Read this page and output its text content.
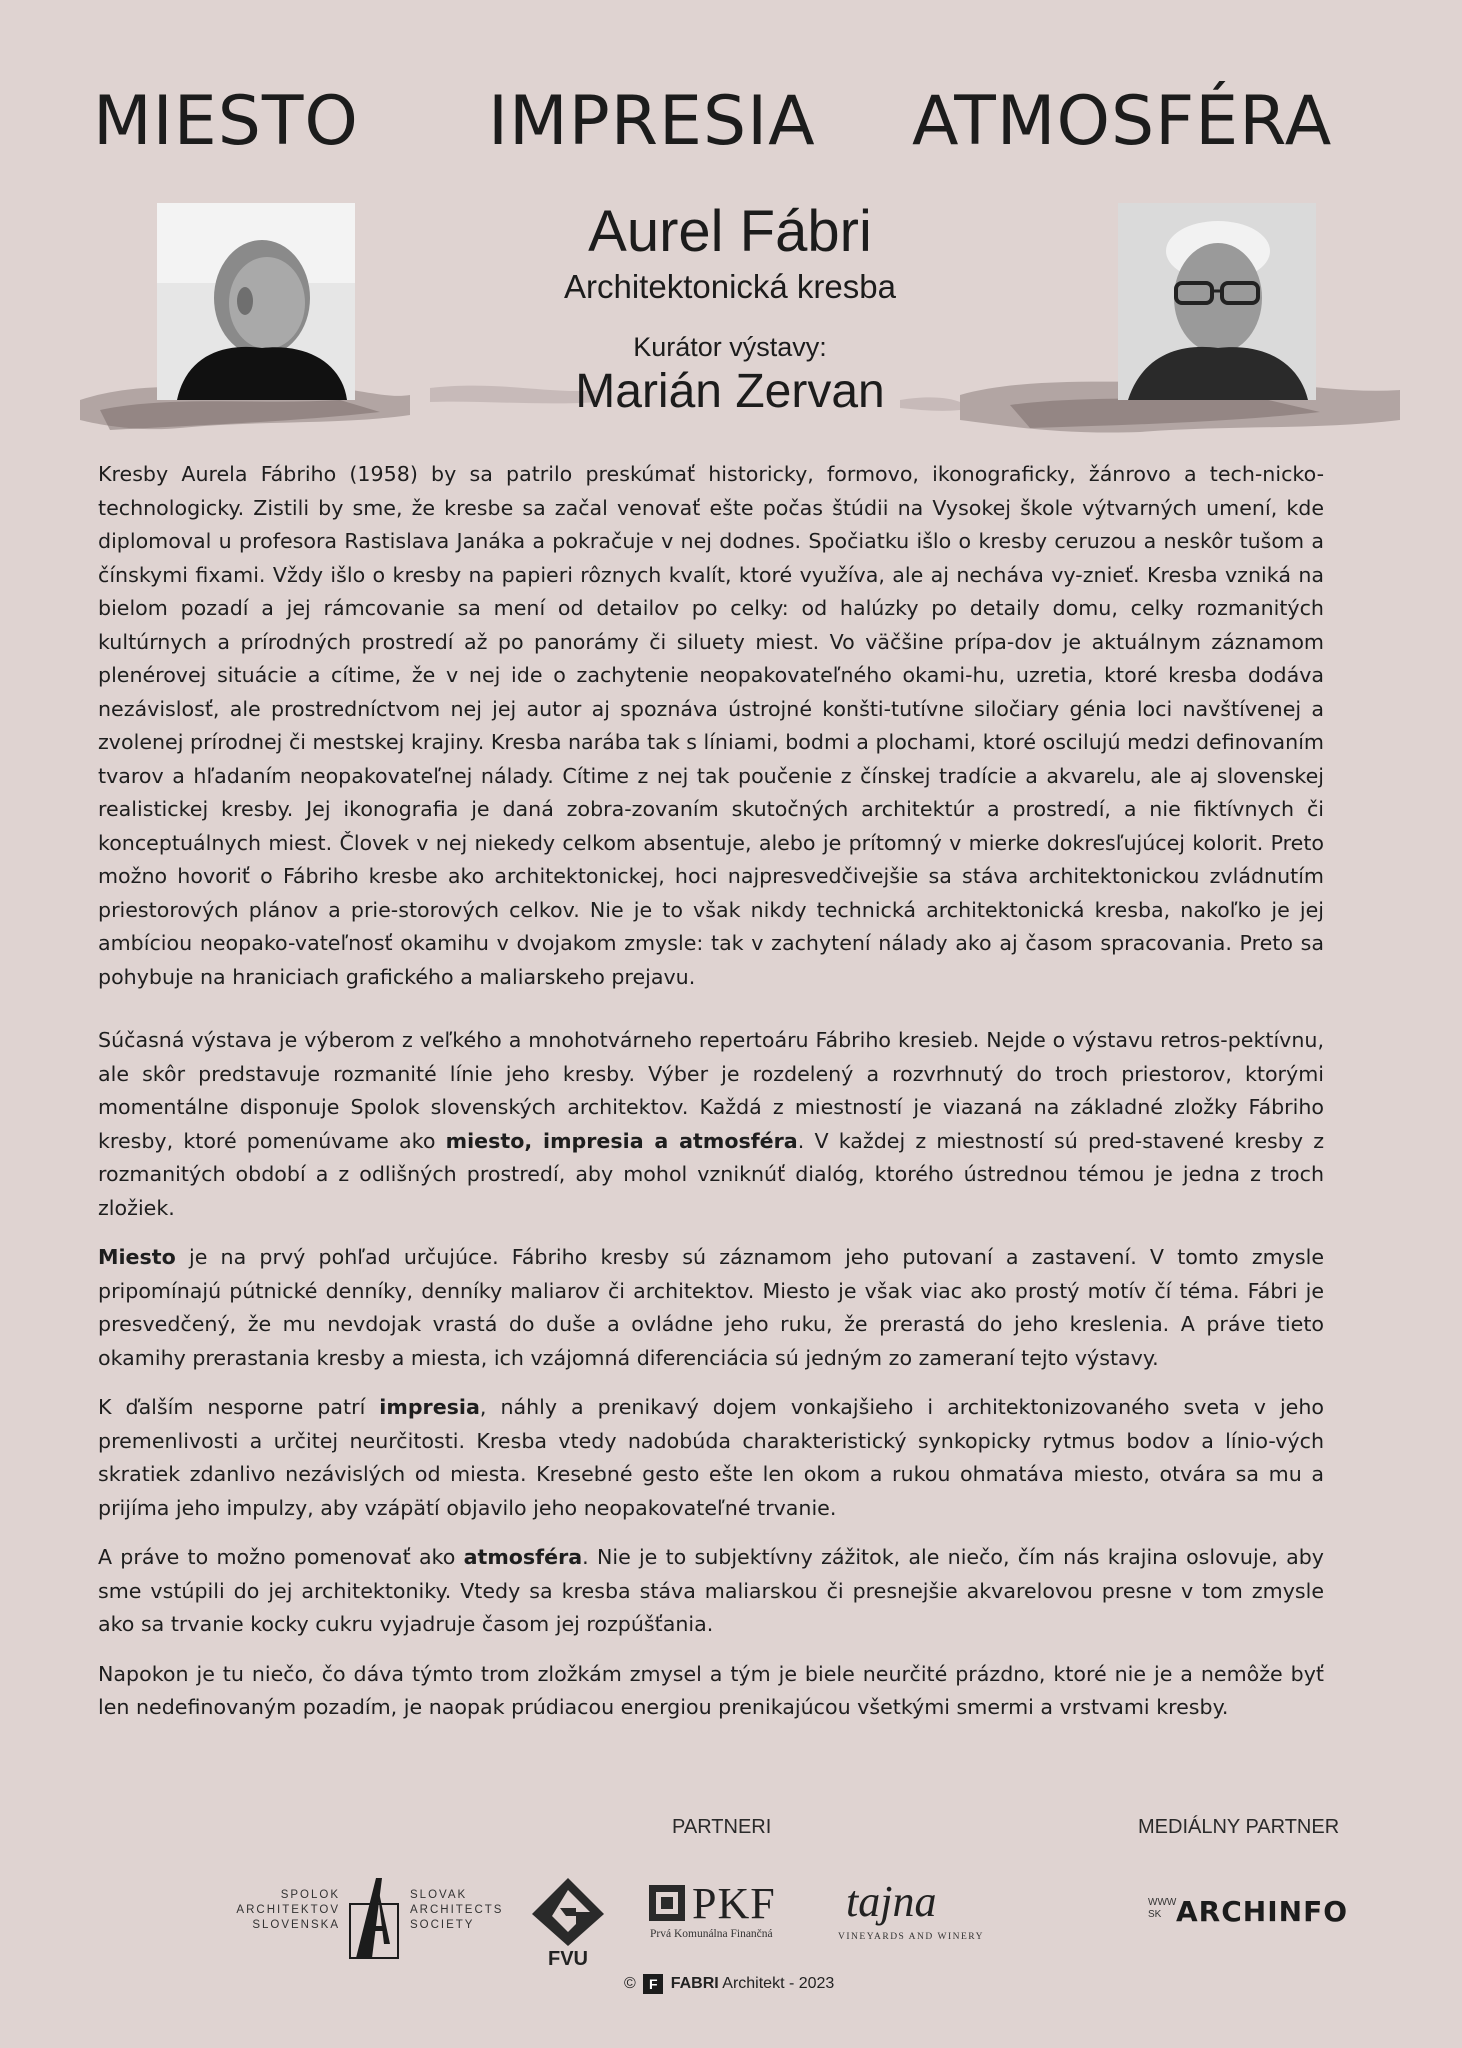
MIESTO IMPRESIA ATMOSFÉRA
Aurel Fábri
Architektonická kresba
Kurátor výstavy:
Marián Zervan

Kresby Aurela Fábriho (1958) by sa patrilo preskúmať historicky, formovo, ikonograficky, žánrovo a tech-nicko-technologicky. Zistili by sme, že kresbe sa začal venovať ešte počas štúdii na Vysokej škole výtvarných umení, kde diplomoval u profesora Rastislava Janáka a pokračuje v nej dodnes. Spočiatku išlo o kresby ceruzou a neskôr tušom a čínskymi fixami. Vždy išlo o kresby na papieri rôznych kvalít, ktoré využíva, ale aj nechávа vy-znieť. Kresba vzniká na bielom pozadí a jej rámcovanie sa mení od detailov po celky: od halúzky po detaily domu, celky rozmanitých kultúrnych a prírodných prostredí až po panorámy či siluety miest. Vo väčšine prípa-dov je aktuálnym záznamom plenérovej situácie a cítime, že v nej ide o zachytenie neopakovateľného okami-hu, uzretia, ktoré kresba dodáva nezávislosť, ale prostredníctvom nej jej autor aj spoznáva ústrojné konšti-tutívne siločiary génia loci navštívenej a zvolenej prírodnej či mestskej krajiny. Kresba narába tak s líniami, bodmi a plochami, ktoré oscilujú medzi definovaním tvarov a hľadaním neopakovateľnej nálady. Cítime z nej tak poučenie z čínskej tradície a akvarelu, ale aj slovenskej realistickej kresby. Jej ikonografia je daná zobra-zovaním skutočných architektúr a prostredí, a nie fiktívnych či konceptuálnych miest. Človek v nej niekedy celkom absentuje, alebo je prítomný v mierke dokresľujúcej kolorit. Preto možno hovoriť o Fábriho kresbe ako architektonickej, hoci najpresvedčivejšie sa stáva architektonickou zvládnutím priestorových plánov a prie-storových celkov. Nie je to však nikdy technická architektonická kresba, nakoľko je jej ambíciou neopako-vateľnosť okamihu v dvojakom zmysle: tak v zachytení nálady ako aj časom spracovania. Preto sa pohybuje na hraniciach grafického a maliarskeho prejavu.

Súčasná výstava je výberom z veľkého a mnohotvárneho repertoáru Fábriho kresieb. Nejde o výstavu retros-pektívnu, ale skôr predstavuje rozmanité línie jeho kresby. Výber je rozdelený a rozvrhnutý do troch priestorov, ktorými momentálne disponuje Spolok slovenských architektov. Každá z miestností je viazaná na základné zložky Fábriho kresby, ktoré pomenúvame ako miesto, impresia a atmosféra. V každej z miestností sú pred-stavené kresby z rozmanitých období a z odlišných prostredí, aby mohol vzniknúť dialóg, ktorého ústrednou témou je jedna z troch zložiek.

Miesto je na prvý pohľad určujúce. Fábriho kresby sú záznamom jeho putovaní a zastavení. V tomto zmysle pripomínajú pútnické denníky, denníky maliarov či architektov. Miesto je však viac ako prostý motív čí téma. Fábri je presvedčený, že mu nevdojak vrastá do duše a ovládne jeho ruku, že prerastá do jeho kreslenia. A práve tieto okamihy prerastania kresby a miesta, ich vzájomná diferenciácia sú jedným zo zameraní tejto výstavy.

K ďalším nesporne patrí impresia, náhly a prenikavý dojem vonkajšieho i architektonizovaného sveta v jeho premenlivosti a určitej neurčitosti. Kresba vtedy nadobúda charakteristický synkopicky rytmus bodov a línio-vých skratiek zdanlivo nezávislých od miesta. Kresebné gesto ešte len okom a rukou ohmatáva miesto, otvára sa mu a prijíma jeho impulzy, aby vzápätí objavilo jeho neopakovateľné trvanie.

A práve to možno pomenovať ako atmosféra. Nie je to subjektívny zážitok, ale niečo, čím nás krajina oslovuje, aby sme vstúpili do jej architektoniky. Vtedy sa kresba stáva maliarskou či presnejšie akvarelovou presne v tom zmysle ako sa trvanie kocky cukru vyjadruje časom jej rozpúšťania.

Napokon je tu niečo, čo dáva týmto trom zložkám zmysel a tým je biele neurčité prázdno, ktoré nie je a nemôže byť len nedefinovaným pozadím, je naopak prúdiacou energiou prenikajúcou všetkými smermi a vrstvami kresby.

PARTNERI	MEDIÁLNY PARTNER
SPOLOK
ARCHITEKTOV
SLOVENSKA
SLOVAK
ARCHITECTS
SOCIETY
FVU
PKF
Prvá Komunálna Finančná
tajna
VINEYARDS AND WINERY
WWW
SK ARCHINFO
© F FABRI Architekt - 2023
